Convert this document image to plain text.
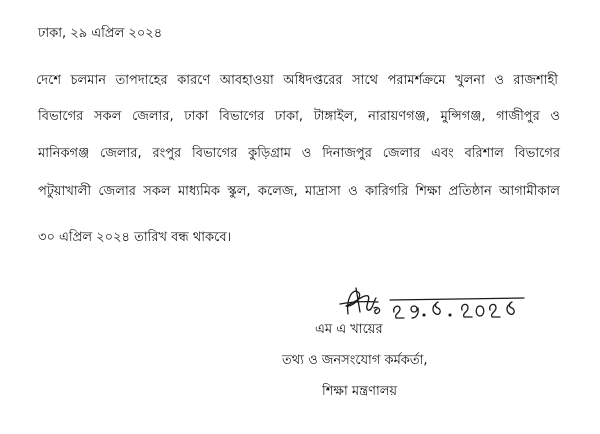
ঢাকা, ২৯ এপ্রিল ২০২৪
দেশে চলমান তাপদাহের কারণে আবহাওয়া অধিদপ্তরের সাথে পরামর্শক্রমে খুলনা ও রাজশাহী
বিভাগের সকল জেলার, ঢাকা বিভাগের ঢাকা, টাঙ্গাইল, নারায়ণগঞ্জ, মুন্সিগঞ্জ, গাজীপুর ও
মানিকগঞ্জ জেলার, রংপুর বিভাগের কুড়িগ্রাম ও দিনাজপুর জেলার এবং বরিশাল বিভাগের
পটুয়াখালী জেলার সকল মাধ্যমিক স্কুল, কলেজ, মাদ্রাসা ও কারিগরি শিক্ষা প্রতিষ্ঠান আগামীকাল
৩০ এপ্রিল ২০২৪ তারিখ বন্ধ থাকবে।
এম এ খায়ের
তথ্য ও জনসংযোগ কর্মকর্তা,
শিক্ষা মন্ত্রণালয়
